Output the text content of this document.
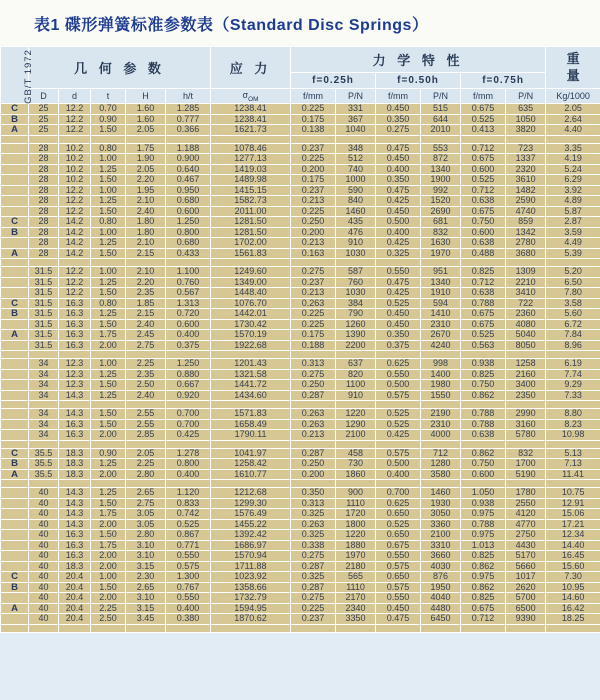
表1 碟形弹簧标准参数表（Standard Disc Springs）
GB/T 1972	几 何 参 数					应 力	力 学 特 性						重量
							f=0.25h		f=0.50h		f=0.75h		
	D	d	t	H	h/t	$\sigma_{OM}$	f/mm	P/N	f/mm	P/N	f/mm	P/N	Kg/1000
C	25	12.2	0.70	1.60	1.285	1238.41	0.225	331	0.450	515	0.675	635	2.05
B	25	12.2	0.90	1.60	0.777	1238.41	0.175	367	0.350	644	0.525	1050	2.64
A	25	12.2	1.50	2.05	0.366	1621.73	0.138	1040	0.275	2010	0.413	3820	4.40

	28	10.2	0.80	1.75	1.188	1078.46	0.237	348	0.475	553	0.712	723	3.35
	28	10.2	1.00	1.90	0.900	1277.13	0.225	512	0.450	872	0.675	1337	4.19
	28	10.2	1.25	2.05	0.640	1419.03	0.200	740	0.400	1340	0.600	2320	5.24
	28	10.2	1.50	2.20	0.467	1489.98	0.175	1000	0.350	1900	0.525	3610	6.29
	28	12.2	1.00	1.95	0.950	1415.15	0.237	590	0.475	992	0.712	1482	3.92
	28	12.2	1.25	2.10	0.680	1582.73	0.213	840	0.425	1520	0.638	2590	4.89
	28	12.2	1.50	2.40	0.600	2011.00	0.225	1460	0.450	2690	0.675	4740	5.87
C	28	14.2	0.80	1.80	1.250	1281.50	0.250	435	0.500	681	0.750	859	2.87
B	28	14.2	1.00	1.80	0.800	1281.50	0.200	476	0.400	832	0.600	1342	3.59
	28	14.2	1.25	2.10	0.680	1702.00	0.213	910	0.425	1630	0.638	2780	4.49
A	28	14.2	1.50	2.15	0.433	1561.83	0.163	1030	0.325	1970	0.488	3680	5.39

	31.5	12.2	1.00	2.10	1.100	1249.60	0.275	587	0.550	951	0.825	1309	5.20
	31.5	12.2	1.25	2.20	0.760	1349.00	0.237	760	0.475	1340	0.712	2210	6.50
	31.5	12.2	1.50	2.35	0.567	1448.40	0.213	1030	0.425	1910	0.638	3410	7.80
C	31.5	16.3	0.80	1.85	1.313	1076.70	0.263	384	0.525	594	0.788	722	3.58
B	31.5	16.3	1.25	2.15	0.720	1442.01	0.225	790	0.450	1410	0.675	2360	5.60
	31.5	16.3	1.50	2.40	0.600	1730.42	0.225	1260	0.450	2310	0.675	4080	6.72
A	31.5	16.3	1.75	2.45	0.400	1570.19	0.175	1390	0.350	2670	0.525	5040	7.84
	31.5	16.3	2.00	2.75	0.375	1922.68	0.188	2200	0.375	4240	0.563	8050	8.96

	34	12.3	1.00	2.25	1.250	1201.43	0.313	637	0.625	998	0.938	1258	6.19
	34	12.3	1.25	2.35	0.880	1321.58	0.275	820	0.550	1400	0.825	2160	7.74
	34	12.3	1.50	2.50	0.667	1441.72	0.250	1100	0.500	1980	0.750	3400	9.29
	34	14.3	1.25	2.40	0.920	1434.60	0.287	910	0.575	1550	0.862	2350	7.33

	34	14.3	1.50	2.55	0.700	1571.83	0.263	1220	0.525	2190	0.788	2990	8.80
	34	16.3	1.50	2.55	0.700	1658.49	0.263	1290	0.525	2310	0.788	3160	8.23
	34	16.3	2.00	2.85	0.425	1790.11	0.213	2100	0.425	4000	0.638	5780	10.98

C	35.5	18.3	0.90	2.05	1.278	1041.97	0.287	458	0.575	712	0.862	832	5.13
B	35.5	18.3	1.25	2.25	0.800	1258.42	0.250	730	0.500	1280	0.750	1700	7.13
A	35.5	18.3	2.00	2.80	0.400	1610.77	0.200	1860	0.400	3580	0.600	5190	11.41

	40	14.3	1.25	2.65	1.120	1212.68	0.350	900	0.700	1460	1.050	1780	10.75
	40	14.3	1.50	2.75	0.833	1299.30	0.313	1110	0.625	1930	0.938	2550	12.91
	40	14.3	1.75	3.05	0.742	1576.49	0.325	1720	0.650	3050	0.975	4120	15.06
	40	14.3	2.00	3.05	0.525	1455.22	0.263	1800	0.525	3360	0.788	4770	17.21
	40	16.3	1.50	2.80	0.867	1392.42	0.325	1220	0.650	2100	0.975	2750	12.34
	40	16.3	1.75	3.10	0.771	1686.97	0.338	1880	0.675	3310	1.013	4430	14.40
	40	16.3	2.00	3.10	0.550	1570.94	0.275	1970	0.550	3660	0.825	5170	16.45
	40	18.3	2.00	3.15	0.575	1711.88	0.287	2180	0.575	4030	0.862	5660	15.60
C	40	20.4	1.00	2.30	1.300	1023.92	0.325	565	0.650	876	0.975	1017	7.30
B	40	20.4	1.50	2.65	0.767	1358.66	0.287	1110	0.575	1950	0.862	2620	10.95
	40	20.4	2.00	3.10	0.550	1732.79	0.275	2170	0.550	4040	0.825	5700	14.60
A	40	20.4	2.25	3.15	0.400	1594.95	0.225	2340	0.450	4480	0.675	6500	16.42
	40	20.4	2.50	3.45	0.380	1870.62	0.237	3350	0.475	6450	0.712	9390	18.25
